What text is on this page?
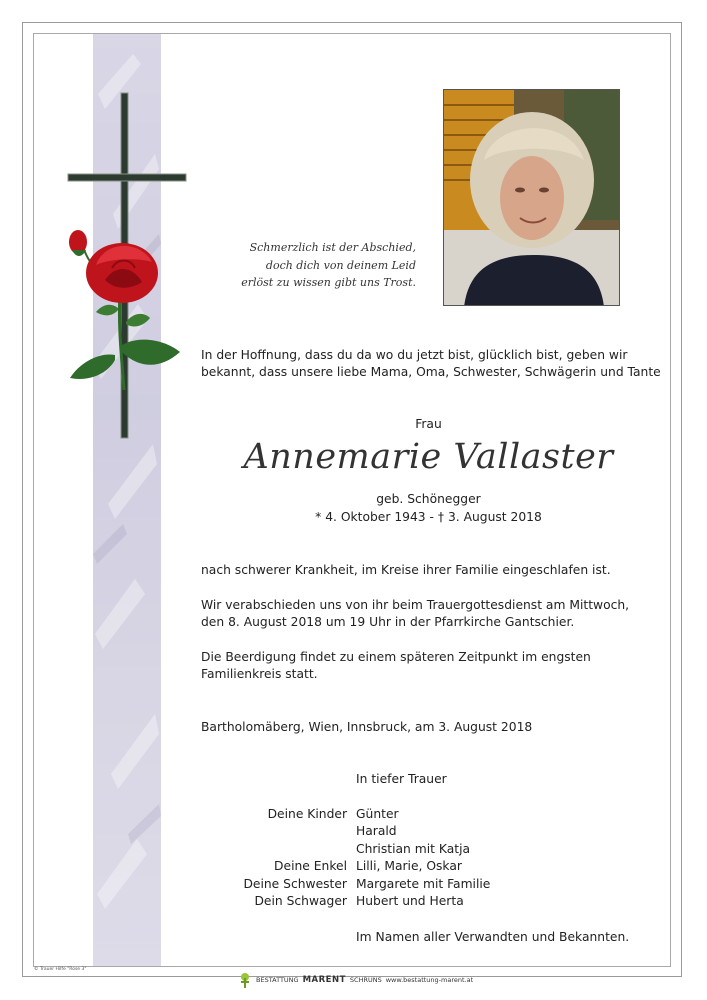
Schmerzlich ist der Abschied,
doch dich von deinem Leid
erlöst zu wissen gibt uns Trost.
In der Hoffnung, dass du da wo du jetzt bist, glücklich bist, geben wir
bekannt, dass unsere liebe Mama, Oma, Schwester, Schwägerin und Tante
Frau
Annemarie Vallaster
geb. Schönegger
* 4. Oktober 1943 - † 3. August 2018
nach schwerer Krankheit, im Kreise ihrer Familie eingeschlafen ist.
Wir verabschieden uns von ihr beim Trauergottesdienst am Mittwoch,
den 8. August 2018 um 19 Uhr in der Pfarrkirche Gantschier.
Die Beerdigung findet zu einem späteren Zeitpunkt im engsten
Familienkreis statt.
Bartholomäberg, Wien, Innsbruck, am 3. August 2018
In tiefer Trauer
Deine Kinder Günter
Harald
Christian mit Katja
Deine Enkel Lilli, Marie, Oskar
Deine Schwester Margarete mit Familie
Dein Schwager Hubert und Herta
Im Namen aller Verwandten und Bekannten.
© Trauer Hilfe "Rose 3"
BESTATTUNG MARENT SCHRUNS www.bestattung-marent.at
